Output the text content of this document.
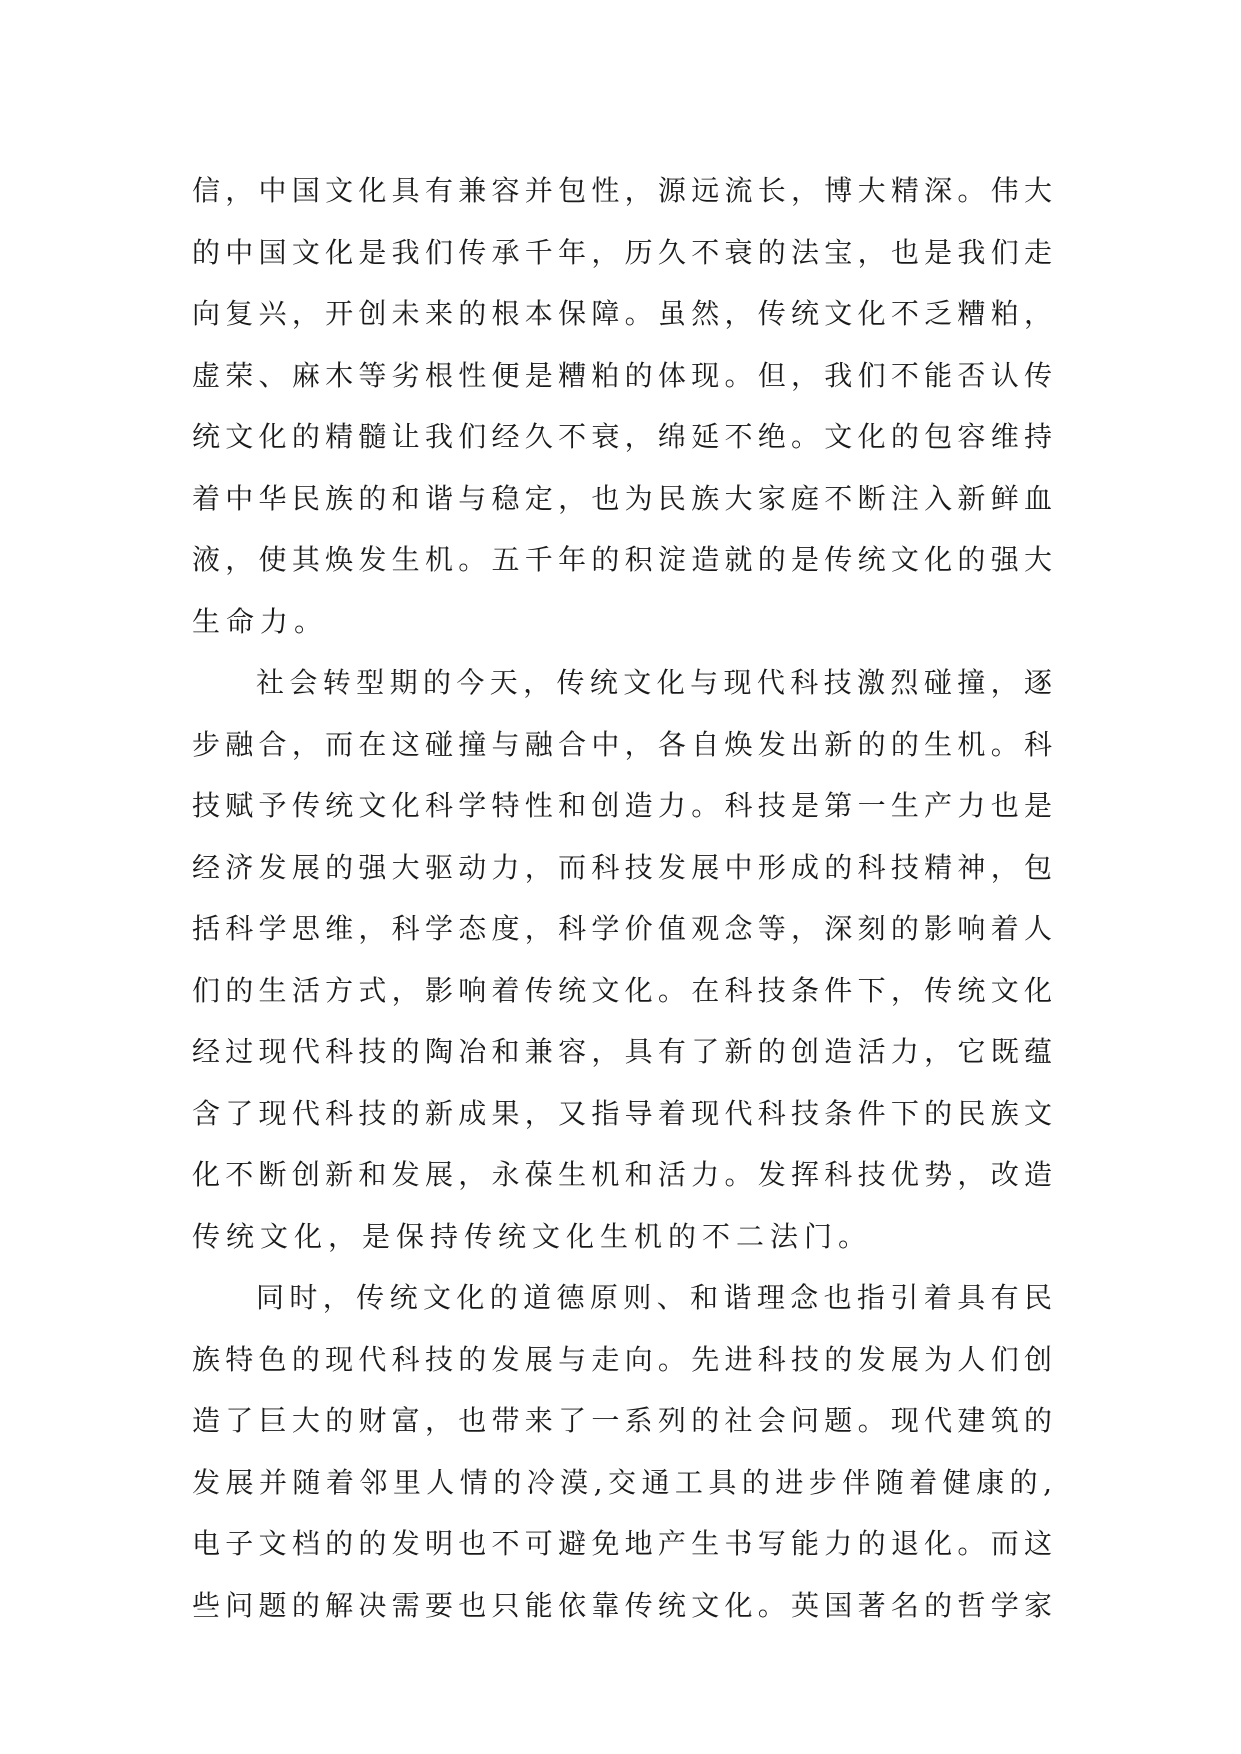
信，中国文化具有兼容并包性，源远流长，博大精深。伟大
的中国文化是我们传承千年，历久不衰的法宝，也是我们走
向复兴，开创未来的根本保障。虽然，传统文化不乏糟粕，
虚荣、麻木等劣根性便是糟粕的体现。但，我们不能否认传
统文化的精髓让我们经久不衰，绵延不绝。文化的包容维持
着中华民族的和谐与稳定，也为民族大家庭不断注入新鲜血
液，使其焕发生机。五千年的积淀造就的是传统文化的强大
生命力。
社会转型期的今天，传统文化与现代科技激烈碰撞，逐
步融合，而在这碰撞与融合中，各自焕发出新的的生机。科
技赋予传统文化科学特性和创造力。科技是第一生产力也是
经济发展的强大驱动力，而科技发展中形成的科技精神，包
括科学思维，科学态度，科学价值观念等，深刻的影响着人
们的生活方式，影响着传统文化。在科技条件下，传统文化
经过现代科技的陶冶和兼容，具有了新的创造活力，它既蕴
含了现代科技的新成果，又指导着现代科技条件下的民族文
化不断创新和发展，永葆生机和活力。发挥科技优势，改造
传统文化，是保持传统文化生机的不二法门。
同时，传统文化的道德原则、和谐理念也指引着具有民
族特色的现代科技的发展与走向。先进科技的发展为人们创
造了巨大的财富，也带来了一系列的社会问题。现代建筑的
发展并随着邻里人情的冷漠,交通工具的进步伴随着健康的,
电子文档的的发明也不可避免地产生书写能力的退化。而这
些问题的解决需要也只能依靠传统文化。英国著名的哲学家
